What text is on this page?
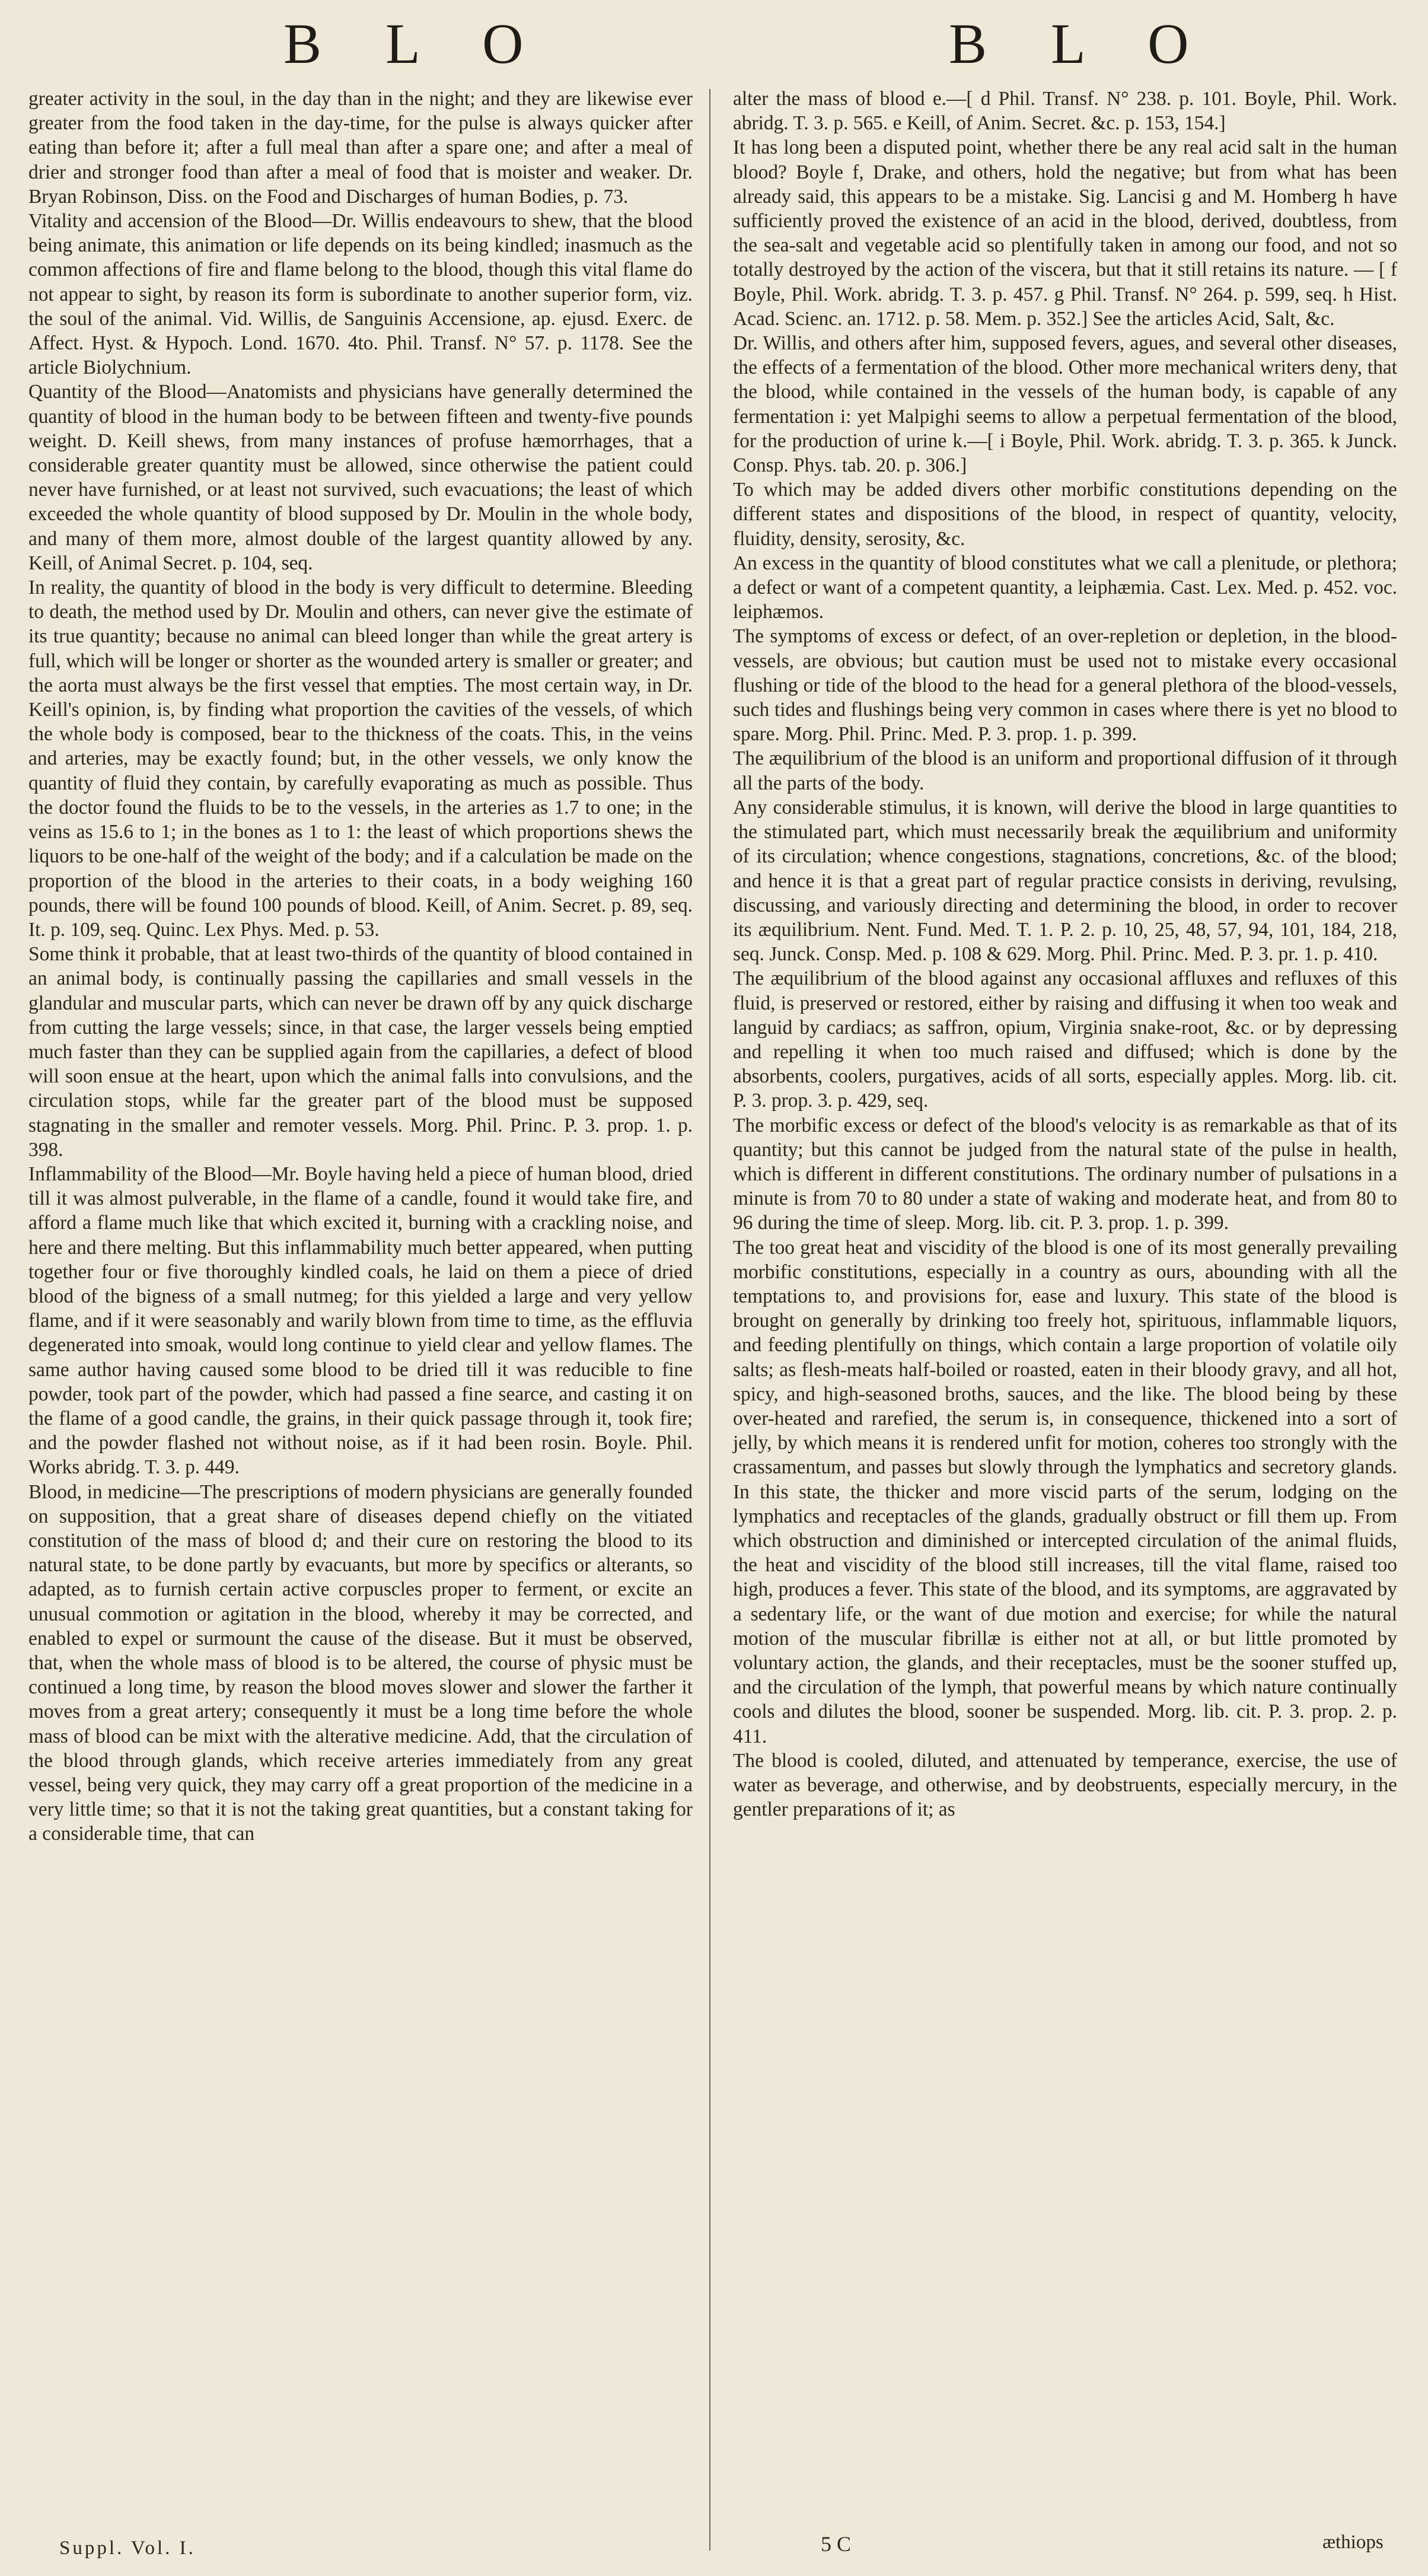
B L O	B L O

greater activity in the soul, in the day than in the night; and they are likewise ever greater from the food taken in the day-time, for the pulse is always quicker after eating than before it; after a full meal than after a spare one; and after a meal of drier and stronger food than after a meal of food that is moister and weaker. Dr. Bryan Robinson, Diss. on the Food and Discharges of human Bodies, p. 73.

Vitality and accension of the Blood—Dr. Willis endeavours to shew, that the blood being animate, this animation or life depends on its being kindled; inasmuch as the common affections of fire and flame belong to the blood, though this vital flame do not appear to sight, by reason its form is subordinate to another superior form, viz. the soul of the animal. Vid. Willis, de Sanguinis Accensione, ap. ejusd. Exerc. de Affect. Hyst. & Hypoch. Lond. 1670. 4to. Phil. Transf. N° 57. p. 1178. See the article Biolychnium.

Quantity of the Blood—Anatomists and physicians have generally determined the quantity of blood in the human body to be between fifteen and twenty-five pounds weight. D. Keill shews, from many instances of profuse hæmorrhages, that a considerable greater quantity must be allowed, since otherwise the patient could never have furnished, or at least not survived, such evacuations; the least of which exceeded the whole quantity of blood supposed by Dr. Moulin in the whole body, and many of them more, almost double of the largest quantity allowed by any. Keill, of Animal Secret. p. 104, seq.

In reality, the quantity of blood in the body is very difficult to determine. Bleeding to death, the method used by Dr. Moulin and others, can never give the estimate of its true quantity; because no animal can bleed longer than while the great artery is full, which will be longer or shorter as the wounded artery is smaller or greater; and the aorta must always be the first vessel that empties. The most certain way, in Dr. Keill's opinion, is, by finding what proportion the cavities of the vessels, of which the whole body is composed, bear to the thickness of the coats. This, in the veins and arteries, may be exactly found; but, in the other vessels, we only know the quantity of fluid they contain, by carefully evaporating as much as possible. Thus the doctor found the fluids to be to the vessels, in the arteries as 1.7 to one; in the veins as 15.6 to 1; in the bones as 1 to 1: the least of which proportions shews the liquors to be one-half of the weight of the body; and if a calculation be made on the proportion of the blood in the arteries to their coats, in a body weighing 160 pounds, there will be found 100 pounds of blood. Keill, of Anim. Secret. p. 89, seq. It. p. 109, seq. Quinc. Lex Phys. Med. p. 53.

Some think it probable, that at least two-thirds of the quantity of blood contained in an animal body, is continually passing the capillaries and small vessels in the glandular and muscular parts, which can never be drawn off by any quick discharge from cutting the large vessels; since, in that case, the larger vessels being emptied much faster than they can be supplied again from the capillaries, a defect of blood will soon ensue at the heart, upon which the animal falls into convulsions, and the circulation stops, while far the greater part of the blood must be supposed stagnating in the smaller and remoter vessels. Morg. Phil. Princ. P. 3. prop. 1. p. 398.

Inflammability of the Blood—Mr. Boyle having held a piece of human blood, dried till it was almost pulverable, in the flame of a candle, found it would take fire, and afford a flame much like that which excited it, burning with a crackling noise, and here and there melting. But this inflammability much better appeared, when putting together four or five thoroughly kindled coals, he laid on them a piece of dried blood of the bigness of a small nutmeg; for this yielded a large and very yellow flame, and if it were seasonably and warily blown from time to time, as the effluvia degenerated into smoak, would long continue to yield clear and yellow flames. The same author having caused some blood to be dried till it was reducible to fine powder, took part of the powder, which had passed a fine searce, and casting it on the flame of a good candle, the grains, in their quick passage through it, took fire; and the powder flashed not without noise, as if it had been rosin. Boyle. Phil. Works abridg. T. 3. p. 449.

Blood, in medicine—The prescriptions of modern physicians are generally founded on supposition, that a great share of diseases depend chiefly on the vitiated constitution of the mass of blood d; and their cure on restoring the blood to its natural state, to be done partly by evacuants, but more by specifics or alterants, so adapted, as to furnish certain active corpuscles proper to ferment, or excite an unusual commotion or agitation in the blood, whereby it may be corrected, and enabled to expel or surmount the cause of the disease. But it must be observed, that, when the whole mass of blood is to be altered, the course of physic must be continued a long time, by reason the blood moves slower and slower the farther it moves from a great artery; consequently it must be a long time before the whole mass of blood can be mixt with the alterative medicine. Add, that the circulation of the blood through glands, which receive arteries immediately from any great vessel, being very quick, they may carry off a great proportion of the medicine in a very little time; so that it is not the taking great quantities, but a constant taking for a considerable time, that can

alter the mass of blood e.—[ d Phil. Transf. N° 238. p. 101. Boyle, Phil. Work. abridg. T. 3. p. 565. e Keill, of Anim. Secret. &c. p. 153, 154.]

It has long been a disputed point, whether there be any real acid salt in the human blood? Boyle f, Drake, and others, hold the negative; but from what has been already said, this appears to be a mistake. Sig. Lancisi g and M. Homberg h have sufficiently proved the existence of an acid in the blood, derived, doubtless, from the sea-salt and vegetable acid so plentifully taken in among our food, and not so totally destroyed by the action of the viscera, but that it still retains its nature. — [ f Boyle, Phil. Work. abridg. T. 3. p. 457. g Phil. Transf. N° 264. p. 599, seq. h Hist. Acad. Scienc. an. 1712. p. 58. Mem. p. 352.] See the articles Acid, Salt, &c.

Dr. Willis, and others after him, supposed fevers, agues, and several other diseases, the effects of a fermentation of the blood. Other more mechanical writers deny, that the blood, while contained in the vessels of the human body, is capable of any fermentation i: yet Malpighi seems to allow a perpetual fermentation of the blood, for the production of urine k.—[ i Boyle, Phil. Work. abridg. T. 3. p. 365. k Junck. Consp. Phys. tab. 20. p. 306.]

To which may be added divers other morbific constitutions depending on the different states and dispositions of the blood, in respect of quantity, velocity, fluidity, density, serosity, &c.

An excess in the quantity of blood constitutes what we call a plenitude, or plethora; a defect or want of a competent quantity, a leiphæmia. Cast. Lex. Med. p. 452. voc. leiphæmos.

The symptoms of excess or defect, of an over-repletion or depletion, in the blood-vessels, are obvious; but caution must be used not to mistake every occasional flushing or tide of the blood to the head for a general plethora of the blood-vessels, such tides and flushings being very common in cases where there is yet no blood to spare. Morg. Phil. Princ. Med. P. 3. prop. 1. p. 399.

The æquilibrium of the blood is an uniform and proportional diffusion of it through all the parts of the body.

Any considerable stimulus, it is known, will derive the blood in large quantities to the stimulated part, which must necessarily break the æquilibrium and uniformity of its circulation; whence congestions, stagnations, concretions, &c. of the blood; and hence it is that a great part of regular practice consists in deriving, revulsing, discussing, and variously directing and determining the blood, in order to recover its æquilibrium. Nent. Fund. Med. T. 1. P. 2. p. 10, 25, 48, 57, 94, 101, 184, 218, seq. Junck. Consp. Med. p. 108 & 629. Morg. Phil. Princ. Med. P. 3. pr. 1. p. 410.

The æquilibrium of the blood against any occasional affluxes and refluxes of this fluid, is preserved or restored, either by raising and diffusing it when too weak and languid by cardiacs; as saffron, opium, Virginia snake-root, &c. or by depressing and repelling it when too much raised and diffused; which is done by the absorbents, coolers, purgatives, acids of all sorts, especially apples. Morg. lib. cit. P. 3. prop. 3. p. 429, seq.

The morbific excess or defect of the blood's velocity is as remarkable as that of its quantity; but this cannot be judged from the natural state of the pulse in health, which is different in different constitutions. The ordinary number of pulsations in a minute is from 70 to 80 under a state of waking and moderate heat, and from 80 to 96 during the time of sleep. Morg. lib. cit. P. 3. prop. 1. p. 399.

The too great heat and viscidity of the blood is one of its most generally prevailing morbific constitutions, especially in a country as ours, abounding with all the temptations to, and provisions for, ease and luxury. This state of the blood is brought on generally by drinking too freely hot, spirituous, inflammable liquors, and feeding plentifully on things, which contain a large proportion of volatile oily salts; as flesh-meats half-boiled or roasted, eaten in their bloody gravy, and all hot, spicy, and high-seasoned broths, sauces, and the like. The blood being by these over-heated and rarefied, the serum is, in consequence, thickened into a sort of jelly, by which means it is rendered unfit for motion, coheres too strongly with the crassamentum, and passes but slowly through the lymphatics and secretory glands. In this state, the thicker and more viscid parts of the serum, lodging on the lymphatics and receptacles of the glands, gradually obstruct or fill them up. From which obstruction and diminished or intercepted circulation of the animal fluids, the heat and viscidity of the blood still increases, till the vital flame, raised too high, produces a fever. This state of the blood, and its symptoms, are aggravated by a sedentary life, or the want of due motion and exercise; for while the natural motion of the muscular fibrillæ is either not at all, or but little promoted by voluntary action, the glands, and their receptacles, must be the sooner stuffed up, and the circulation of the lymph, that powerful means by which nature continually cools and dilutes the blood, sooner be suspended. Morg. lib. cit. P. 3. prop. 2. p. 411.

The blood is cooled, diluted, and attenuated by temperance, exercise, the use of water as beverage, and otherwise, and by deobstruents, especially mercury, in the gentler preparations of it; as

Suppl. Vol. I.	5 C	æthiops
